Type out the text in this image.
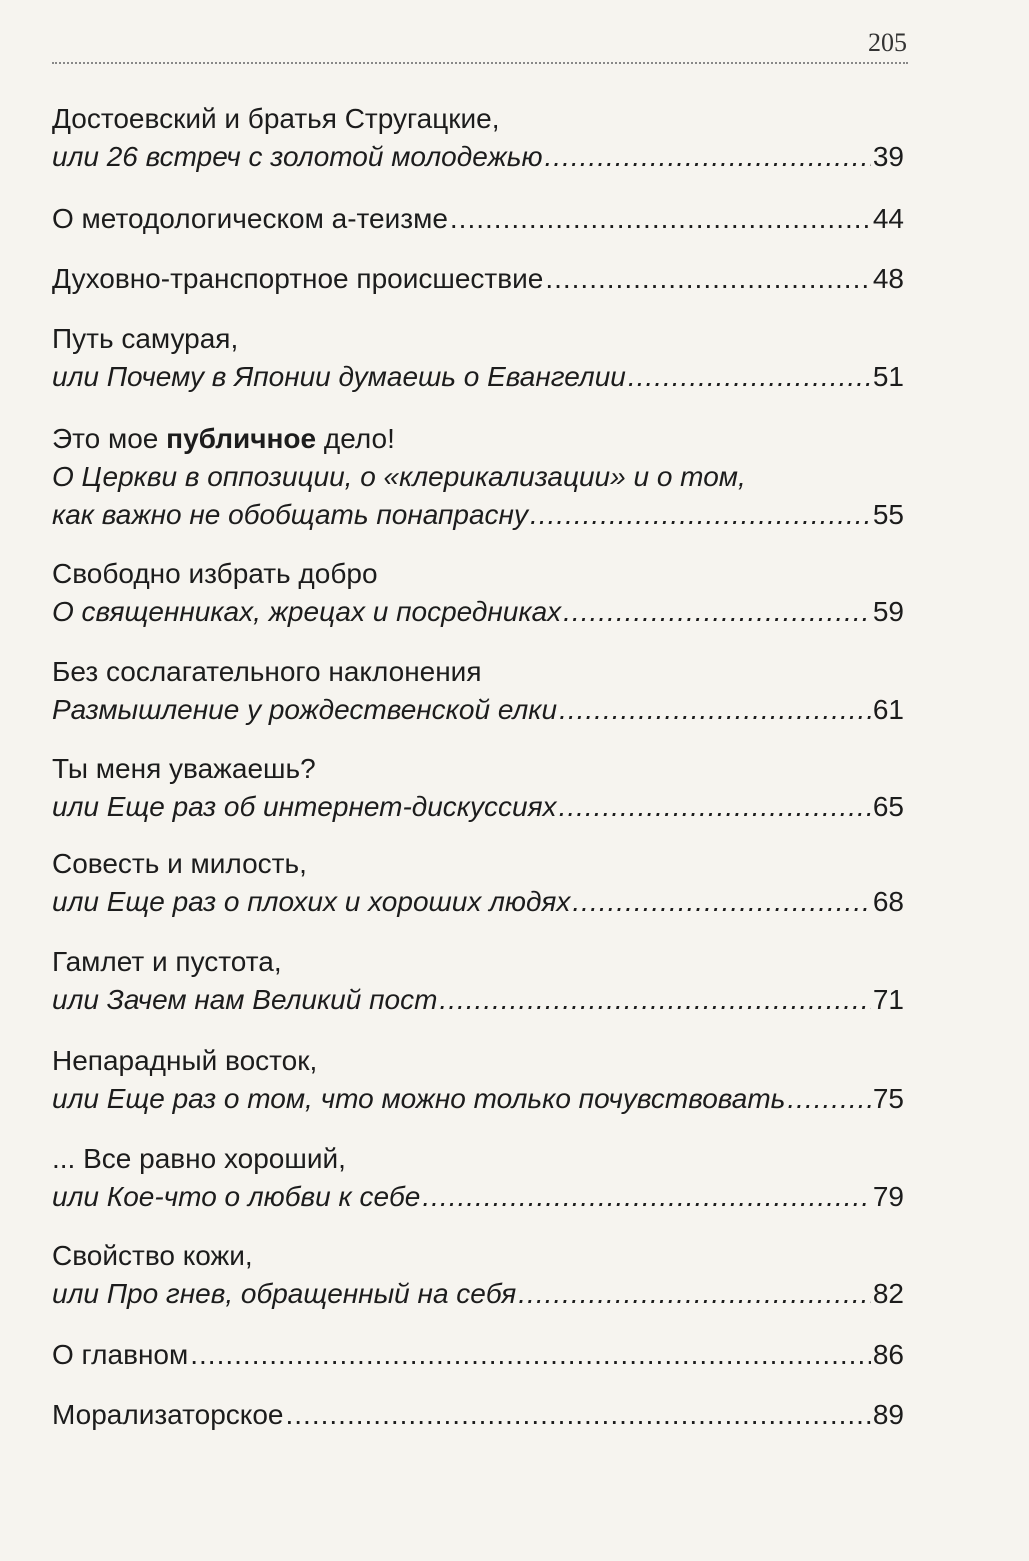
205
Достоевский и братья Стругацкие,
или 26 встреч с золотой молодежью .....	39
О методологическом а-теизме .....	44
Духовно-транспортное происшествие .....	48
Путь самурая,
или Почему в Японии думаешь о Евангелии .....	51
Это мое публичное дело!
О Церкви в оппозиции, о «клерикализации» и о том,
как важно не обобщать понапрасну .....	55
Свободно избрать добро
О священниках, жрецах и посредниках .....	59
Без сослагательного наклонения
Размышление у рождественской елки .....	61
Ты меня уважаешь?
или Еще раз об интернет-дискуссиях .....	65
Совесть и милость,
или Еще раз о плохих и хороших людях .....	68
Гамлет и пустота,
или Зачем нам Великий пост .....	71
Непарадный восток,
или Еще раз о том, что можно только почувствовать .....	75
... Все равно хороший,
или Кое-что о любви к себе .....	79
Свойство кожи,
или Про гнев, обращенный на себя .....	82
О главном .....	86
Морализаторское .....	89
